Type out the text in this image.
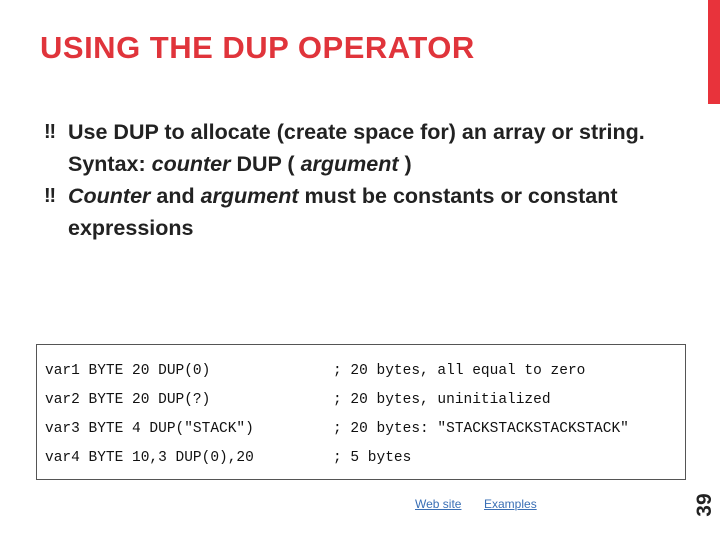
USING THE DUP OPERATOR
‼ Use DUP to allocate (create space for) an array or string. Syntax: counter DUP ( argument )
‼ Counter and argument must be constants or constant expressions

var1 BYTE 20 DUP(0)

	; 20 bytes, all equal to zero

var2 BYTE 20 DUP(?)

	; 20 bytes, uninitialized

var3 BYTE 4 DUP("STACK")

	; 20 bytes: "STACKSTACKSTACKSTACK"

var4 BYTE 10,3 DUP(0),20

	; 5 bytes

Web site Examples	39
